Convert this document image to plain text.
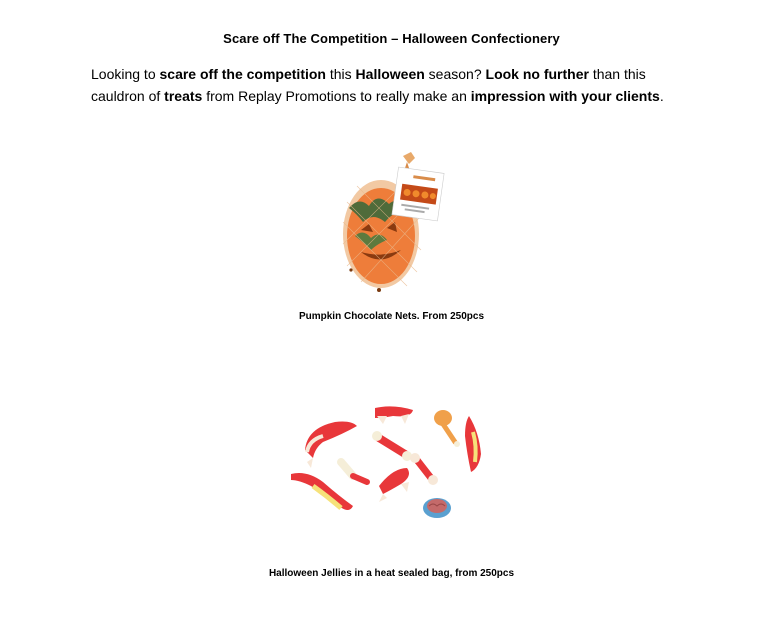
Scare off The Competition – Halloween Confectionery
Looking to scare off the competition this Halloween season? Look no further than this cauldron of treats from Replay Promotions to really make an impression with your clients.
Pumpkin Chocolate Nets. From 250pcs
Halloween Jellies in a heat sealed bag, from 250pcs
